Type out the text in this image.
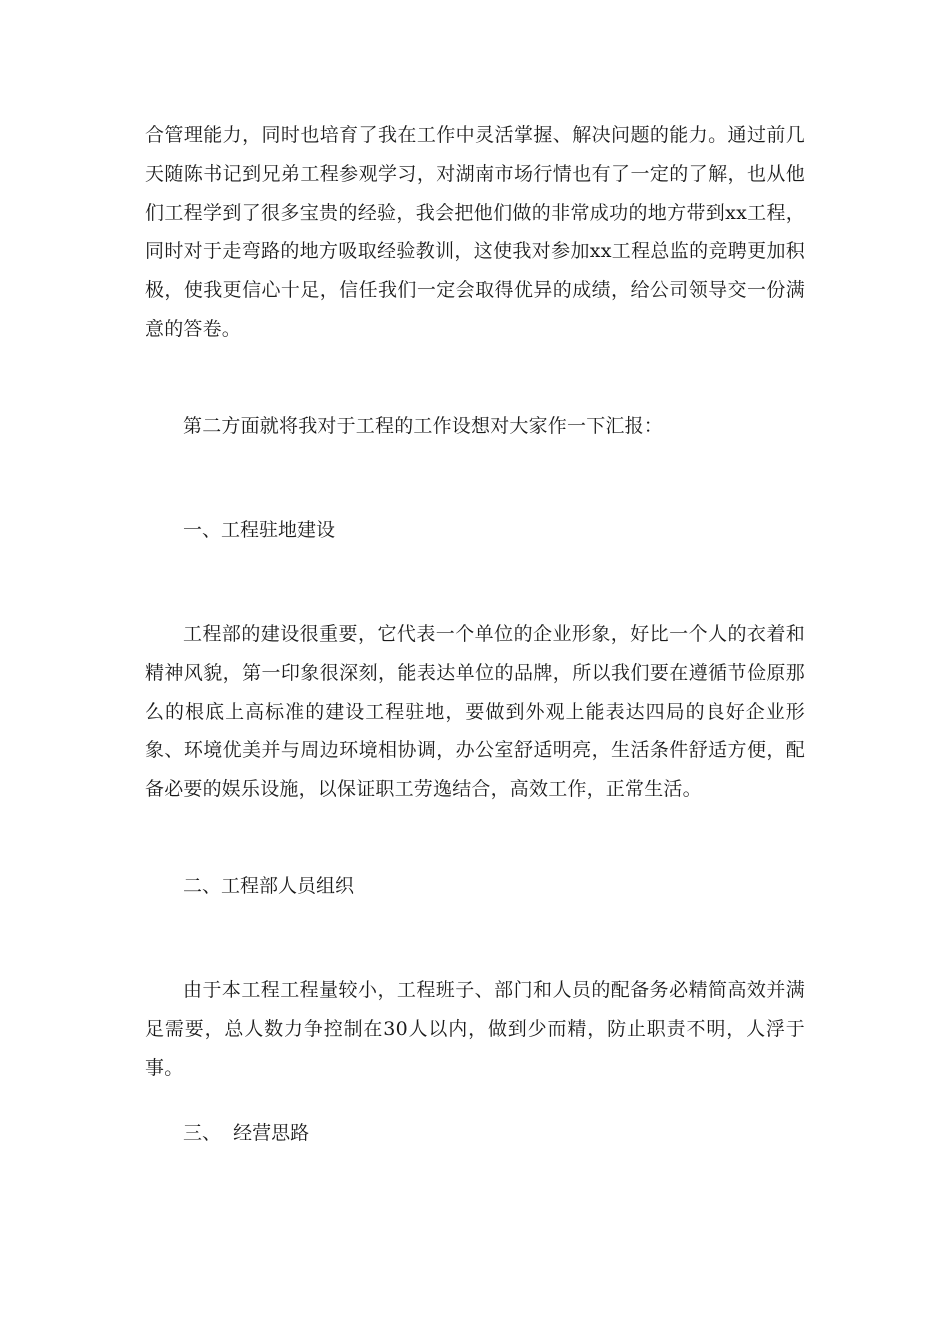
合管理能力，同时也培育了我在工作中灵活掌握、解决问题的能力。通过前几天随陈书记到兄弟工程参观学习，对湖南市场行情也有了一定的了解，也从他们工程学到了很多宝贵的经验，我会把他们做的非常成功的地方带到xx工程，同时对于走弯路的地方吸取经验教训，这使我对参加xx工程总监的竞聘更加积极，使我更信心十足，信任我们一定会取得优异的成绩，给公司领导交一份满意的答卷。

第二方面就将我对于工程的工作设想对大家作一下汇报：

一、工程驻地建设

工程部的建设很重要，它代表一个单位的企业形象，好比一个人的衣着和精神风貌，第一印象很深刻，能表达单位的品牌，所以我们要在遵循节俭原那么的根底上高标准的建设工程驻地，要做到外观上能表达四局的良好企业形象、环境优美并与周边环境相协调，办公室舒适明亮，生活条件舒适方便，配备必要的娱乐设施，以保证职工劳逸结合，高效工作，正常生活。

二、工程部人员组织

由于本工程工程量较小，工程班子、部门和人员的配备务必精简高效并满足需要，总人数力争控制在30人以内，做到少而精，防止职责不明，人浮于事。

三、  经营思路
